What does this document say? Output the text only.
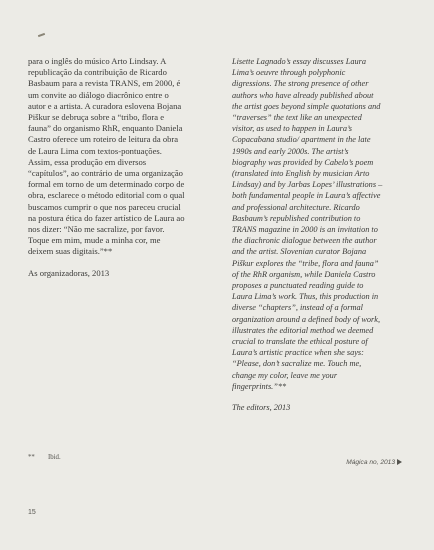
para o inglês do músico Arto Lindsay. A republicação da contribuição de Ricardo Basbaum para a revista TRANS, em 2000, é um convite ao diálogo diacrônico entre o autor e a artista. A curadora eslovena Bojana Piškur se debruça sobre a “tribo, flora e fauna” do organismo RhR, enquanto Daniela Castro oferece um roteiro de leitura da obra de Laura Lima com textos-pontuações. Assim, essa produção em diversos “capítulos”, ao contrário de uma organização formal em torno de um determinado corpo de obra, esclarece o método editorial com o qual buscamos cumprir o que nos pareceu crucial na postura ética do fazer artístico de Laura ao nos dizer: “Não me sacralize, por favor. Toque em mim, mude a minha cor, me deixem suas digitais.”**

As organizadoras, 2013

Lisette Lagnado’s essay discusses Laura Lima’s oeuvre through polyphonic digressions. The strong presence of other authors who have already published about the artist goes beyond simple quotations and “traverses” the text like an unexpected visitor, as used to happen in Laura’s Copacabana studio/ apartment in the late 1990s and early 2000s. The artist’s biography was provided by Cabelo’s poem (translated into English by musician Arto Lindsay) and by Jarbas Lopes’ illustrations – both fundamental people in Laura’s affective and professional architecture. Ricardo Basbaum’s republished contribution to TRANS magazine in 2000 is an invitation to the diachronic dialogue between the author and the artist. Slovenian curator Bojana Piškur explores the “tribe, flora and fauna” of the RhR organism, while Daniela Castro proposes a punctuated reading guide to Laura Lima’s work. Thus, this production in diverse “chapters”, instead of a formal organization around a defined body of work, illustrates the editorial method we deemed crucial to translate the ethical posture of Laura’s artistic practice when she says: “Please, don’t sacralize me. Touch me, change my color, leave me your fingerprints.”**

The editors, 2013

** Ibid.
Mágica no, 2013
15
